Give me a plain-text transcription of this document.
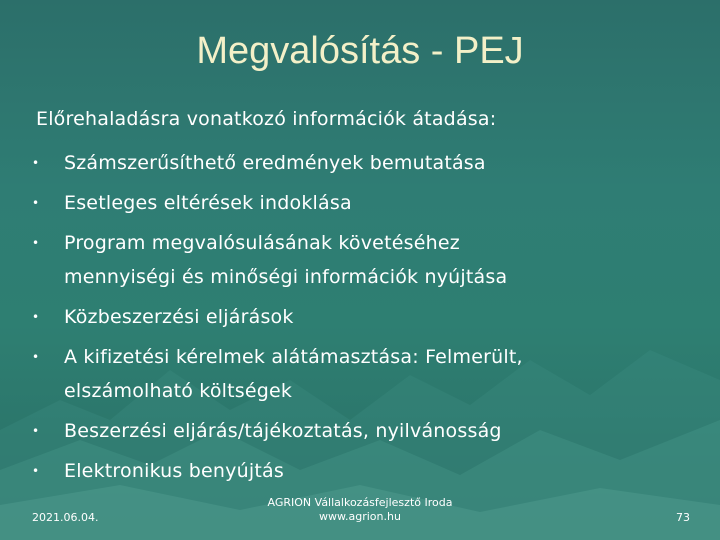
Megvalósítás - PEJ
Előrehaladásra vonatkozó információk átadása:
• Számszerűsíthető eredmények bemutatása
• Esetleges eltérések indoklása
• Program megvalósulásának követéséhez
mennyiségi és minőségi információk nyújtása
• Közbeszerzési eljárások
• A kifizetési kérelmek alátámasztása: Felmerült,
elszámolható költségek
• Beszerzési eljárás/tájékoztatás, nyilvánosság
• Elektronikus benyújtás
2021.06.04.
AGRION Vállalkozásfejlesztő Iroda
www.agrion.hu	73
